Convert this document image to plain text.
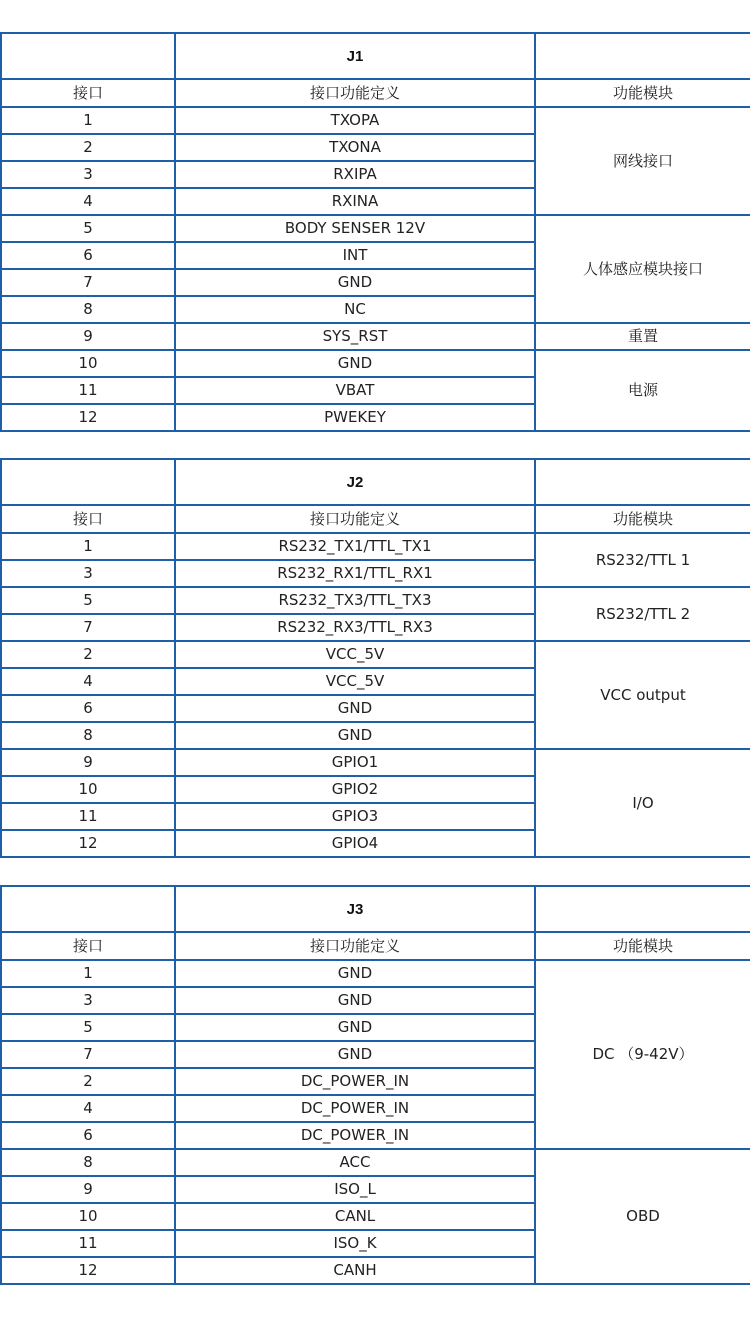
	J1	
接口	接口功能定义	功能模块
1	TXOPA	网线接口
2	TXONA	
3	RXIPA	
4	RXINA	
5	BODY SENSER 12V	人体感应模块接口
6	INT	
7	GND	
8	NC	
9	SYS_RST	重置
10	GND	电源
11	VBAT	
12	PWEKEY	
	J2	
接口	接口功能定义	功能模块
1	RS232_TX1/TTL_TX1	RS232/TTL 1
3	RS232_RX1/TTL_RX1	
5	RS232_TX3/TTL_TX3	RS232/TTL 2
7	RS232_RX3/TTL_RX3	
2	VCC_5V	VCC output
4	VCC_5V	
6	GND	
8	GND	
9	GPIO1	I/O
10	GPIO2	
11	GPIO3	
12	GPIO4	
	J3	
接口	接口功能定义	功能模块
1	GND	DC （9-42V）
3	GND	
5	GND	
7	GND	
2	DC_POWER_IN	
4	DC_POWER_IN	
6	DC_POWER_IN	
8	ACC	OBD
9	ISO_L	
10	CANL	
11	ISO_K	
12	CANH	
